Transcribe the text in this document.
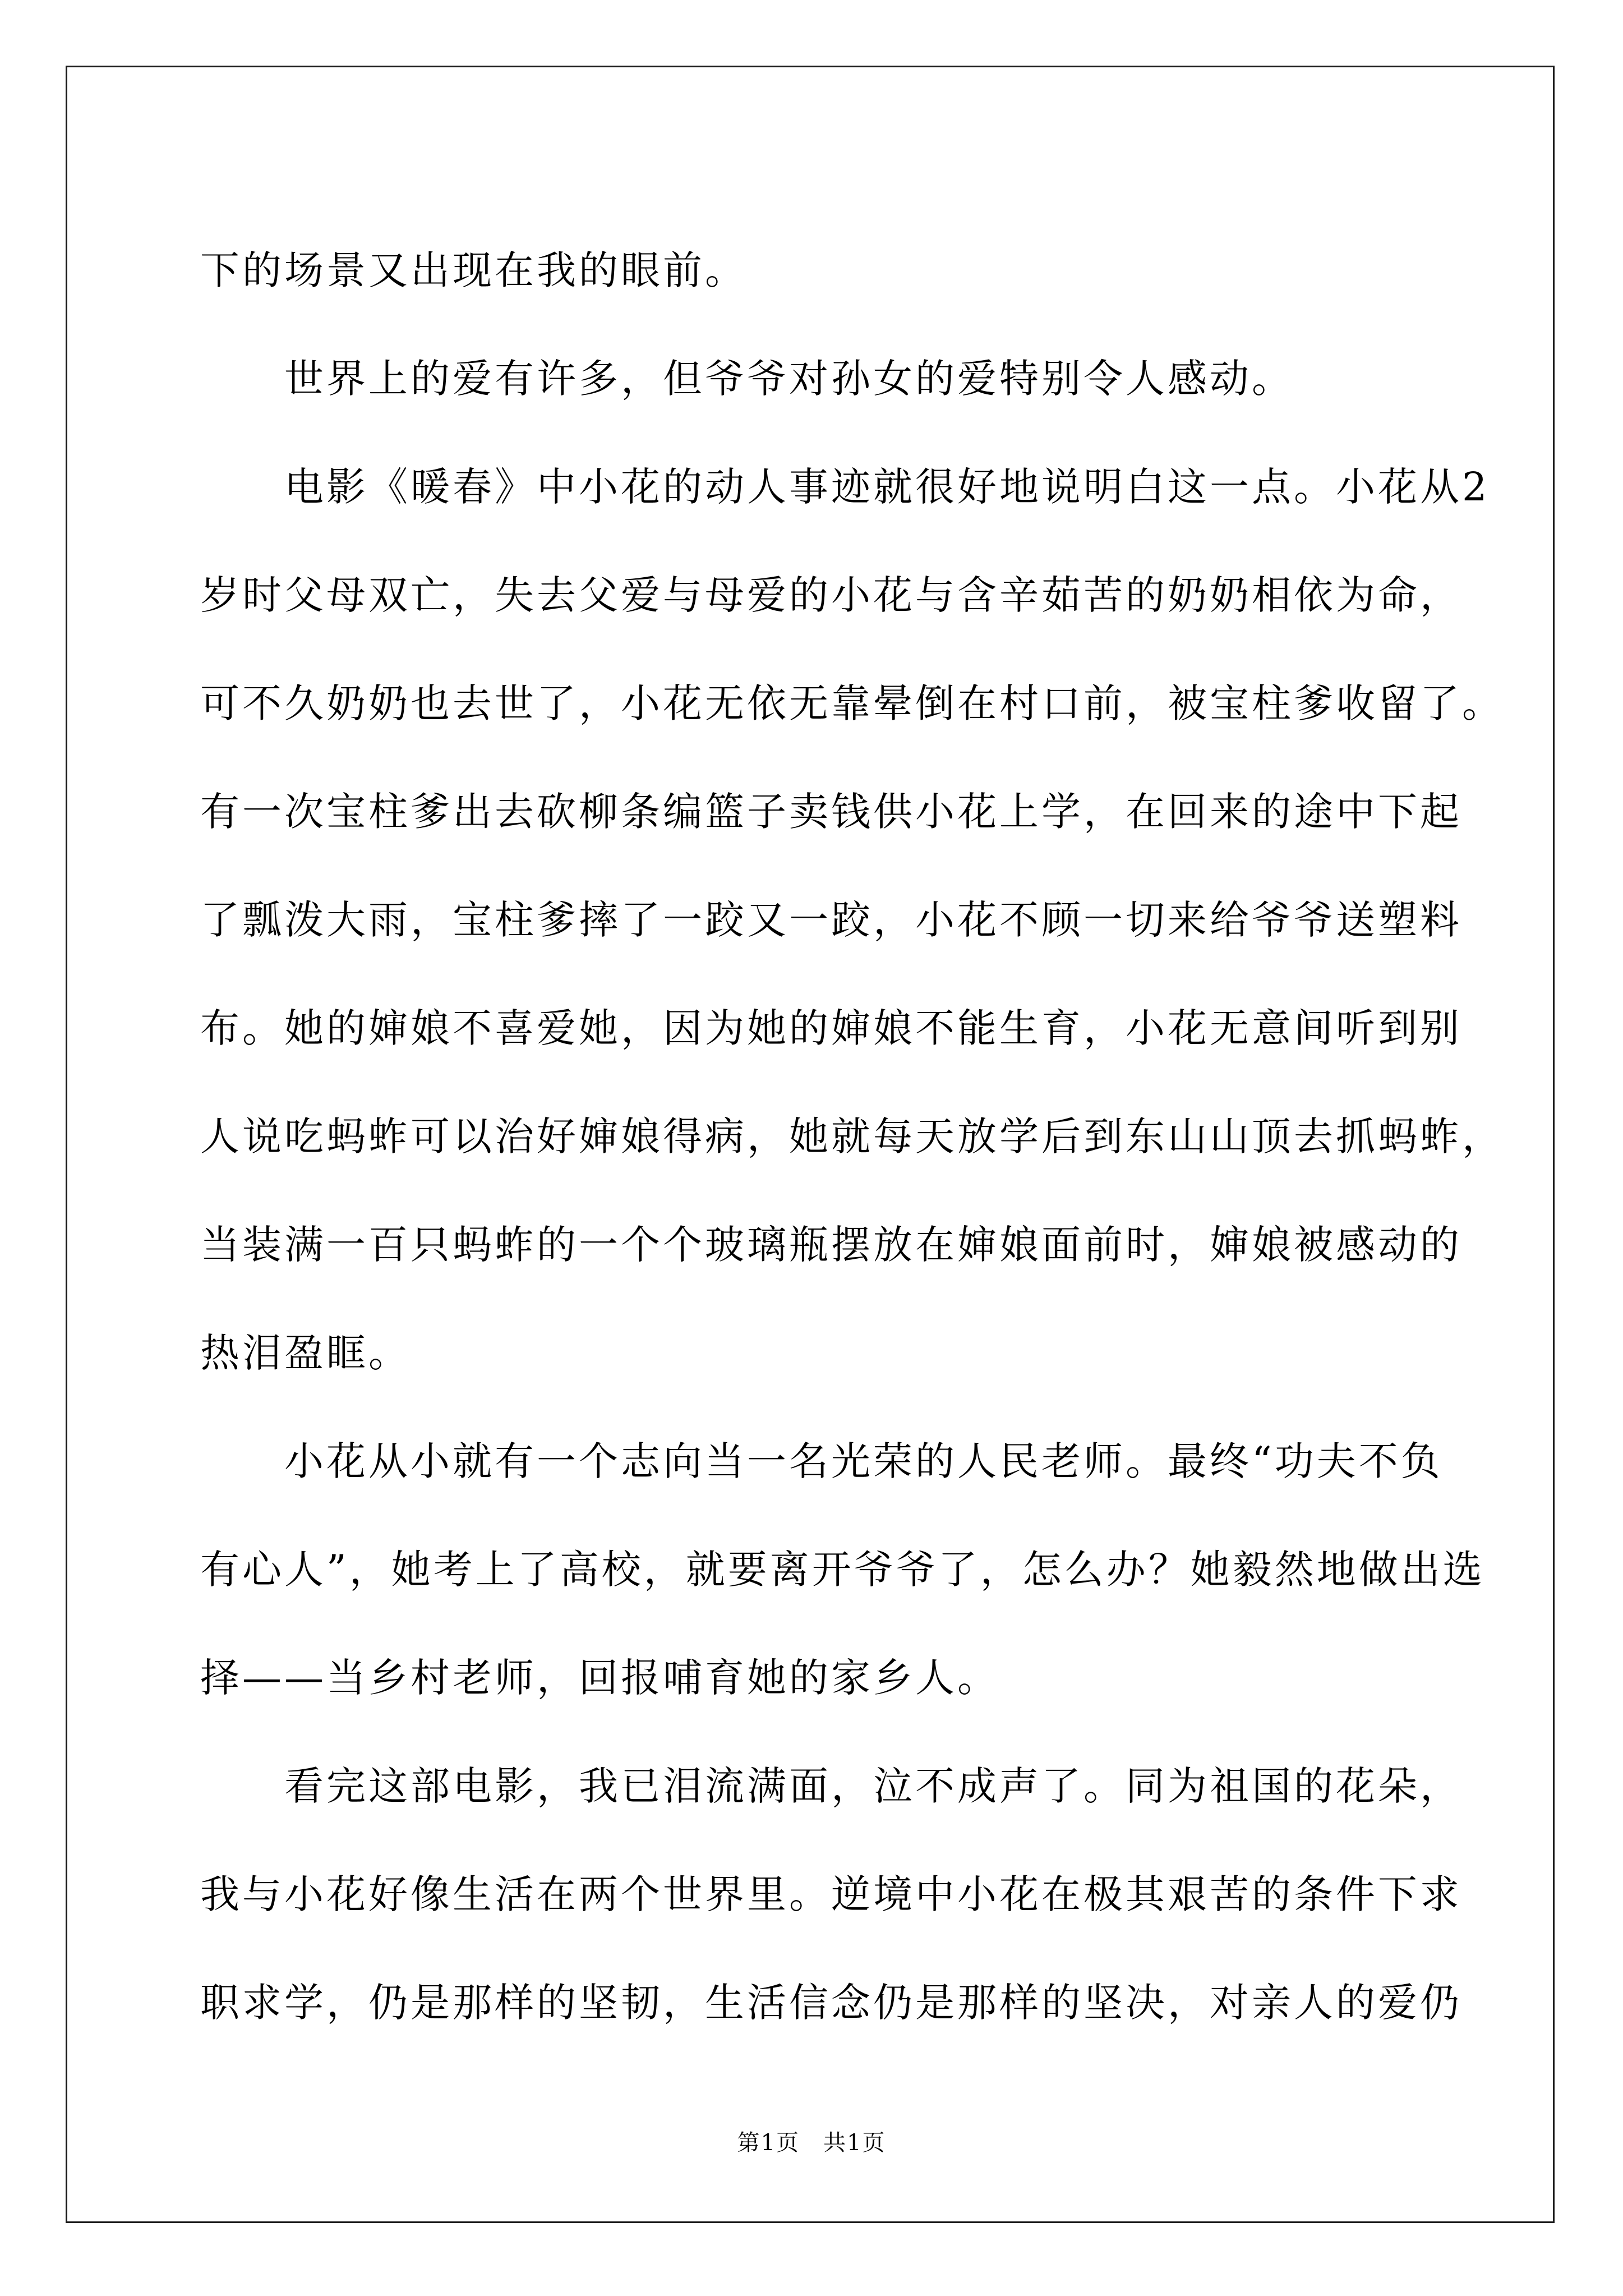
下的场景又出现在我的眼前。

　　世界上的爱有许多，但爷爷对孙女的爱特别令人感动。

　　电影《暖春》中小花的动人事迹就很好地说明白这一点。小花从2

岁时父母双亡，失去父爱与母爱的小花与含辛茹苦的奶奶相依为命，

可不久奶奶也去世了，小花无依无靠晕倒在村口前，被宝柱爹收留了。

有一次宝柱爹出去砍柳条编篮子卖钱供小花上学，在回来的途中下起

了瓢泼大雨，宝柱爹摔了一跤又一跤，小花不顾一切来给爷爷送塑料

布。她的婶娘不喜爱她，因为她的婶娘不能生育，小花无意间听到别

人说吃蚂蚱可以治好婶娘得病，她就每天放学后到东山山顶去抓蚂蚱，

当装满一百只蚂蚱的一个个玻璃瓶摆放在婶娘面前时，婶娘被感动的

热泪盈眶。

　　小花从小就有一个志向当一名光荣的人民老师。最终“功夫不负

有心人”，她考上了高校，就要离开爷爷了，怎么办？她毅然地做出选

择——当乡村老师，回报哺育她的家乡人。

　　看完这部电影，我已泪流满面，泣不成声了。同为祖国的花朵，

我与小花好像生活在两个世界里。逆境中小花在极其艰苦的条件下求

职求学，仍是那样的坚韧，生活信念仍是那样的坚决，对亲人的爱仍

第1页　共1页
